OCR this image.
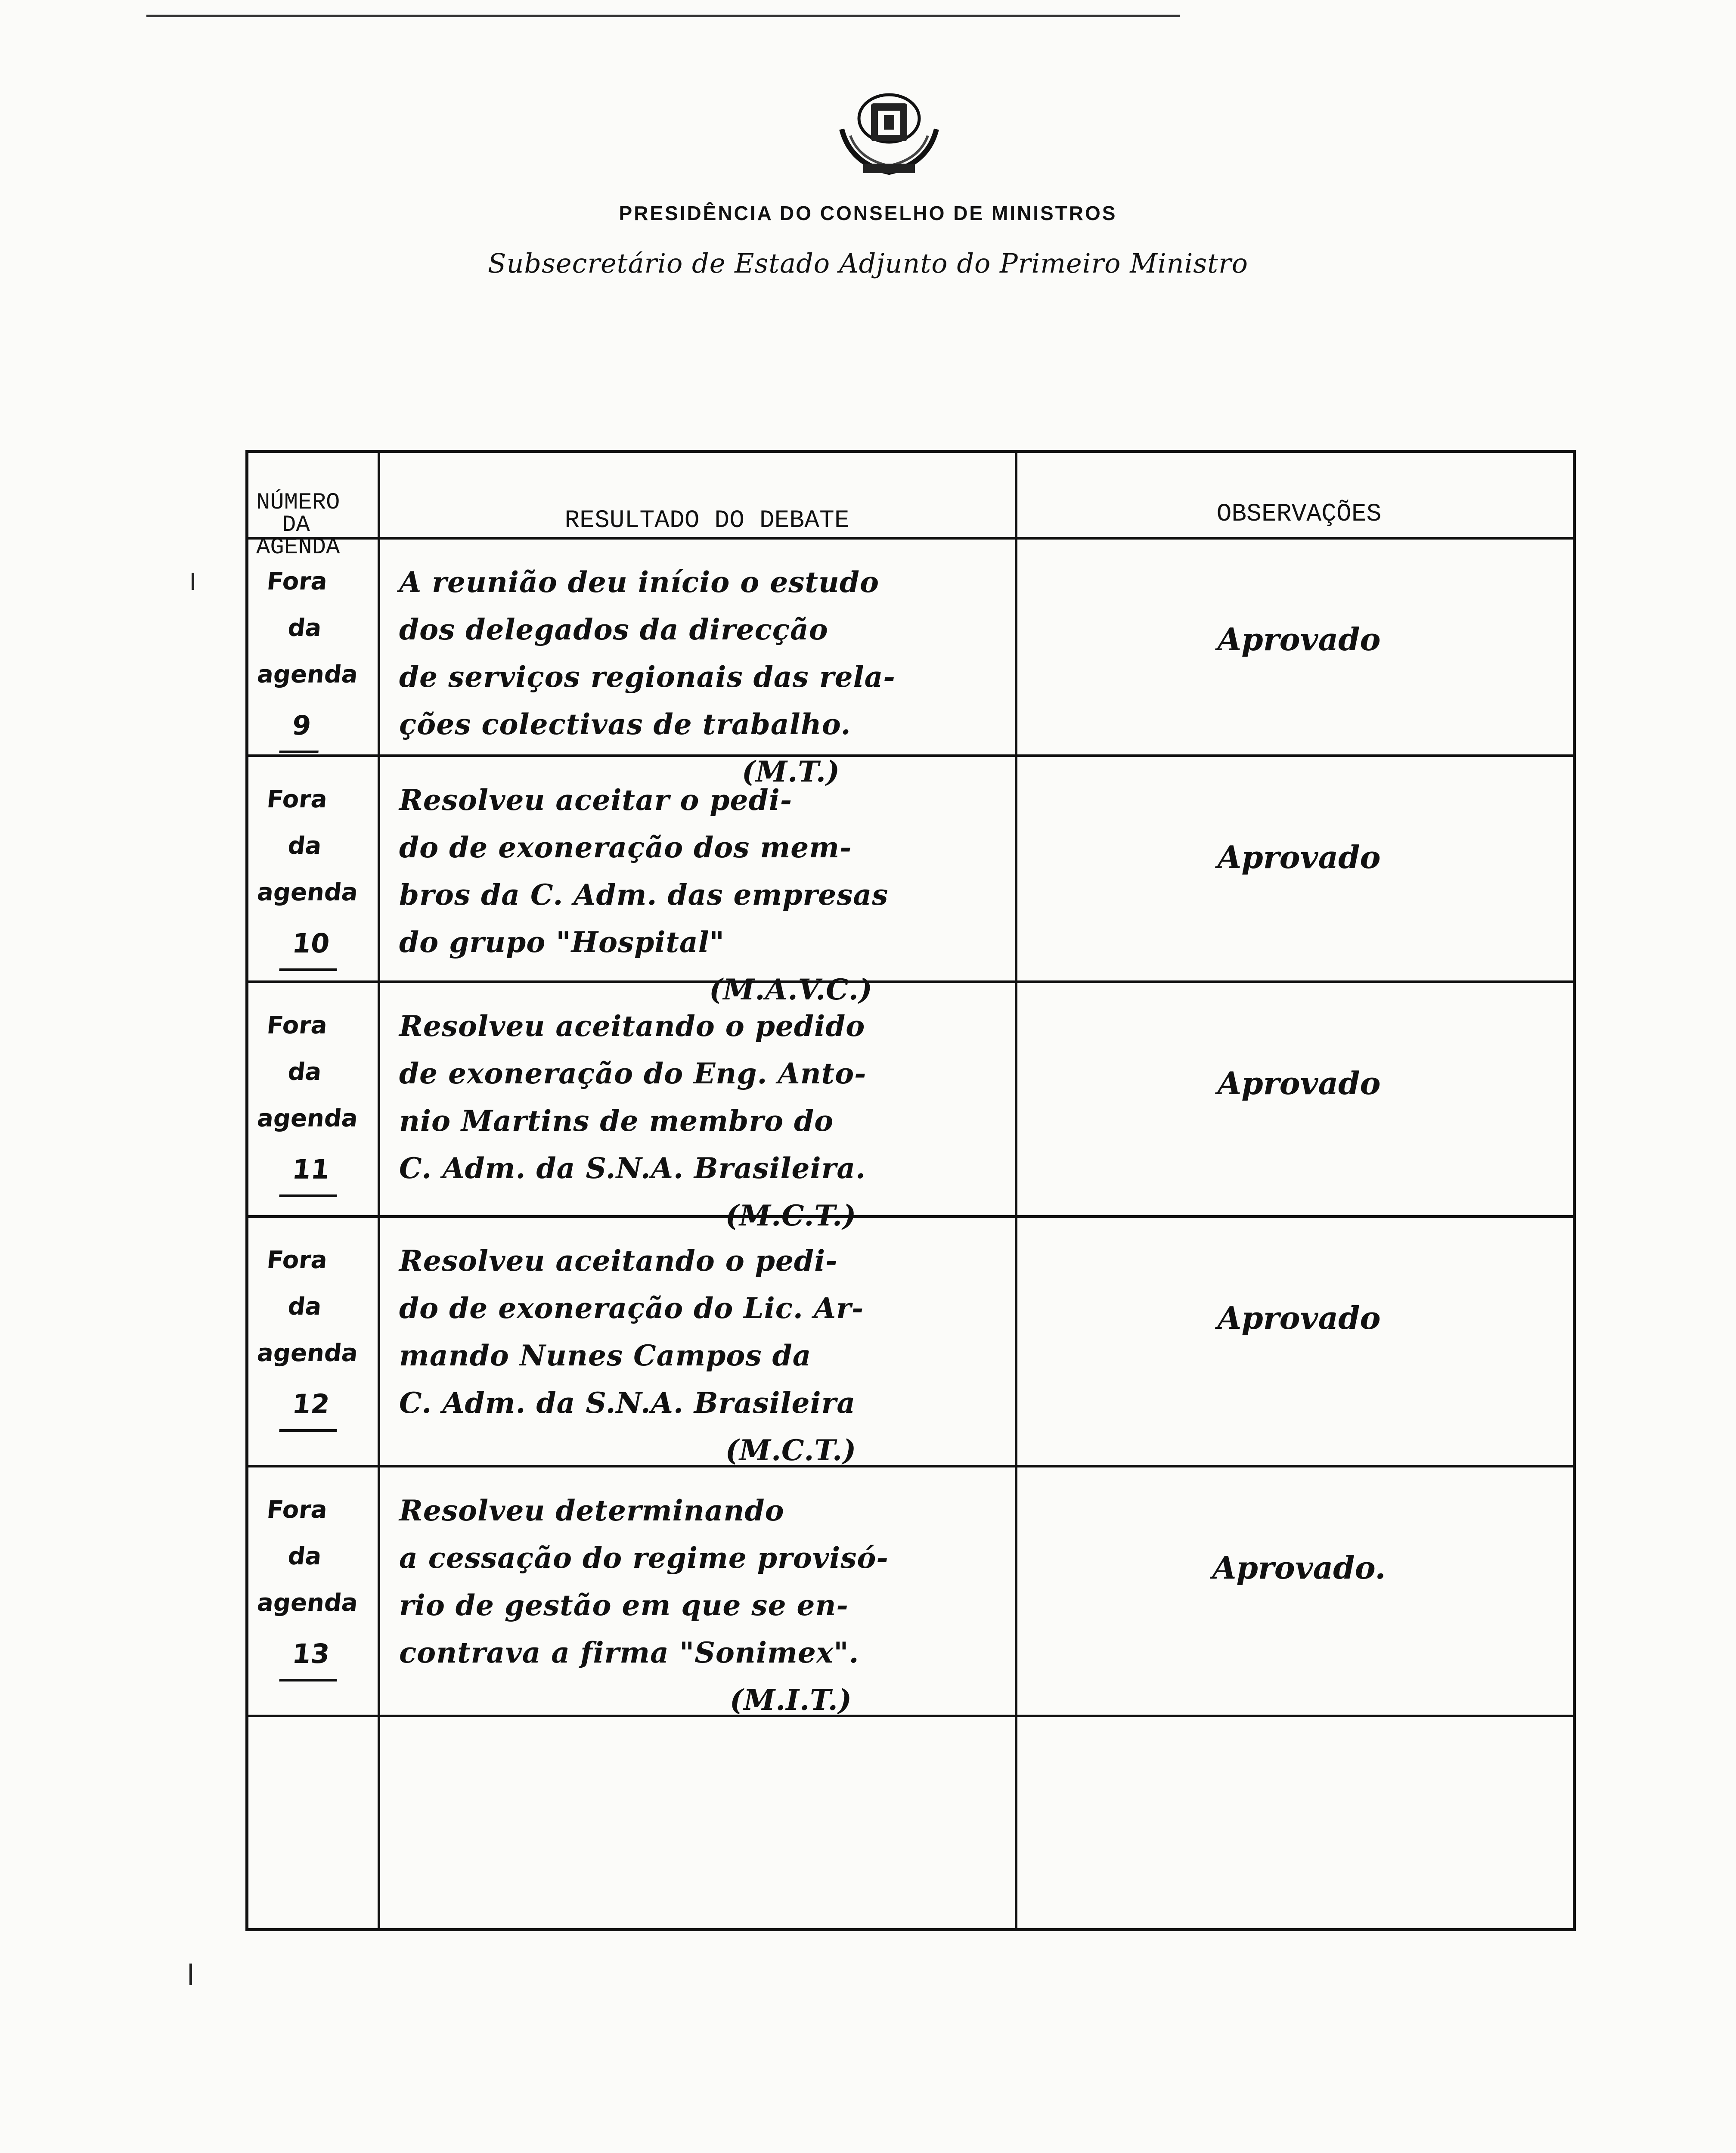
PRESIDÊNCIA DO CONSELHO DE MINISTROS
Subsecretário de Estado Adjunto do Primeiro Ministro
NÚMERO
DA
AGENDA
RESULTADO DO DEBATE	OBSERVAÇÕES
Fora
da
agenda
9
A reunião deu início o estudo
dos delegados da direcção
de serviços regionais das rela-
ções colectivas de trabalho.
(M.T.)
Aprovado
Fora
da
agenda
10
Resolveu aceitar o pedi-
do de exoneração dos mem-
bros da C. Adm. das empresas
do grupo "Hospital"
(M.A.V.C.)
Aprovado
Fora
da
agenda
11
Resolveu aceitando o pedido
de exoneração do Eng. Anto-
nio Martins de membro do
C. Adm. da S.N.A. Brasileira.
(M.C.T.)
Aprovado
Fora
da
agenda
12
Resolveu aceitando o pedi-
do de exoneração do Lic. Ar-
mando Nunes Campos da
C. Adm. da S.N.A. Brasileira
(M.C.T.)
Aprovado
Fora
da
agenda
13
Resolveu determinando
a cessação do regime provisó-
rio de gestão em que se en-
contrava a firma "Sonimex".
(M.I.T.)
Aprovado.
